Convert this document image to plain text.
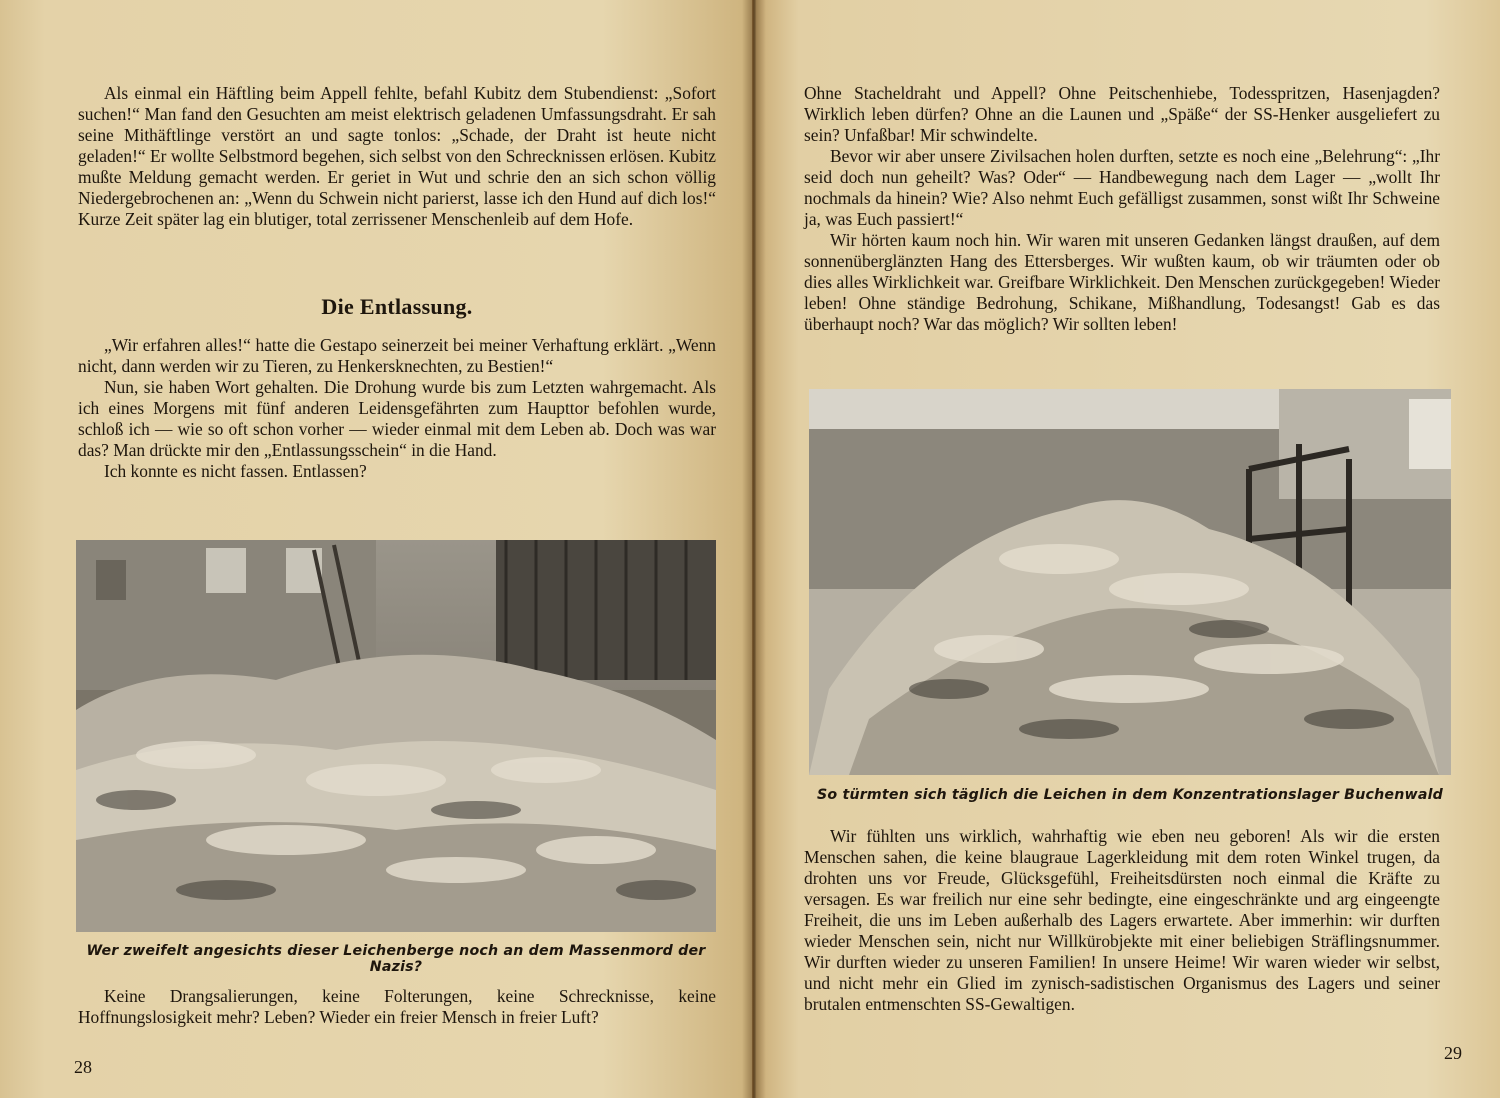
Als einmal ein Häftling beim Appell fehlte, befahl Kubitz dem Stubendienst: „Sofort suchen!“ Man fand den Gesuchten am meist elektrisch geladenen Umfassungsdraht. Er sah seine Mithäftlinge verstört an und sagte tonlos: „Schade, der Draht ist heute nicht geladen!“ Er wollte Selbstmord begehen, sich selbst von den Schrecknissen erlösen. Kubitz mußte Meldung gemacht werden. Er geriet in Wut und schrie den an sich schon völlig Niedergebrochenen an: „Wenn du Schwein nicht parierst, lasse ich den Hund auf dich los!“ Kurze Zeit später lag ein blutiger, total zerrissener Menschenleib auf dem Hofe.

Die Entlassung.

„Wir erfahren alles!“ hatte die Gestapo seinerzeit bei meiner Verhaftung erklärt. „Wenn nicht, dann werden wir zu Tieren, zu Henkersknechten, zu Bestien!“

Nun, sie haben Wort gehalten. Die Drohung wurde bis zum Letzten wahrgemacht. Als ich eines Morgens mit fünf anderen Leidensgefährten zum Haupttor befohlen wurde, schloß ich — wie so oft schon vorher — wieder einmal mit dem Leben ab. Doch was war das? Man drückte mir den „Entlassungsschein“ in die Hand.

Ich konnte es nicht fassen. Entlassen?

Wer zweifelt angesichts dieser Leichenberge noch an dem Massenmord der Nazis?

Keine Drangsalierungen, keine Folterungen, keine Schrecknisse, keine Hoffnungslosigkeit mehr? Leben? Wieder ein freier Mensch in freier Luft?

28

Ohne Stacheldraht und Appell? Ohne Peitschenhiebe, Todesspritzen, Hasenjagden? Wirklich leben dürfen? Ohne an die Launen und „Späße“ der SS-Henker ausgeliefert zu sein? Unfaßbar! Mir schwindelte.

Bevor wir aber unsere Zivilsachen holen durften, setzte es noch eine „Belehrung“: „Ihr seid doch nun geheilt? Was? Oder“ — Handbewegung nach dem Lager — „wollt Ihr nochmals da hinein? Wie? Also nehmt Euch gefälligst zusammen, sonst wißt Ihr Schweine ja, was Euch passiert!“

Wir hörten kaum noch hin. Wir waren mit unseren Gedanken längst draußen, auf dem sonnenüberglänzten Hang des Ettersberges. Wir wußten kaum, ob wir träumten oder ob dies alles Wirklichkeit war. Greifbare Wirklichkeit. Den Menschen zurückgegeben! Wieder leben! Ohne ständige Bedrohung, Schikane, Mißhandlung, Todesangst! Gab es das überhaupt noch? War das möglich? Wir sollten leben!

So türmten sich täglich die Leichen in dem Konzentrationslager Buchenwald

Wir fühlten uns wirklich, wahrhaftig wie eben neu geboren! Als wir die ersten Menschen sahen, die keine blaugraue Lagerkleidung mit dem roten Winkel trugen, da drohten uns vor Freude, Glücksgefühl, Freiheitsdürsten noch einmal die Kräfte zu versagen. Es war freilich nur eine sehr bedingte, eine eingeschränkte und arg eingeengte Freiheit, die uns im Leben außerhalb des Lagers erwartete. Aber immerhin: wir durften wieder Menschen sein, nicht nur Willkürobjekte mit einer beliebigen Sträflingsnummer. Wir durften wieder zu unseren Familien! In unsere Heime! Wir waren wieder wir selbst, und nicht mehr ein Glied im zynisch-sadistischen Organismus des Lagers und seiner brutalen entmenschten SS-Gewaltigen.

29
